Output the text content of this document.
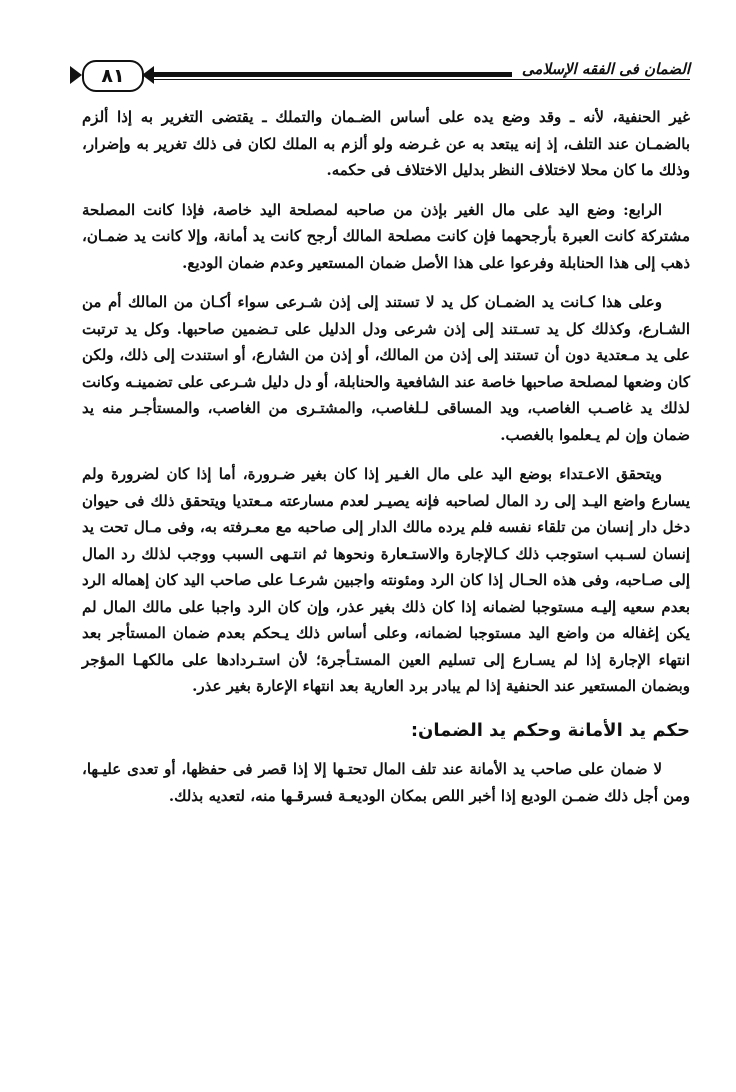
٨١	الضمان فى الفقه الإسلامى

غير الحنفية، لأنه ـ وقد وضع يده على أساس الضـمان والتملك ـ يقتضى التغرير به إذا ألزم بالضمـان عند التلف، إذ إنه يبتعد به عن غـرضه ولو ألزم به الملك لكان فى ذلك تغرير به وإضرار، وذلك ما كان محلا لاختلاف النظر بدليل الاختلاف فى حكمه.

الرابع: وضع اليد على مال الغير بإذن من صاحبه لمصلحة اليد خاصة، فإذا كانت المصلحة مشتركة كانت العبرة بأرجحهما فإن كانت مصلحة المالك أرجح كانت يد أمانة، وإلا كانت يد ضمـان، ذهب إلى هذا الحنابلة وفرعوا على هذا الأصل ضمان المستعير وعدم ضمان الوديع.

وعلى هذا كـانت يد الضمـان كل يد لا تستند إلى إذن شـرعى سواء أكـان من المالك أم من الشـارع، وكذلك كل يد تسـتند إلى إذن شرعى ودل الدليل على تـضمين صاحبها. وكل يد ترتبت على يد مـعتدية دون أن تستند إلى إذن من المالك، أو إذن من الشارع، أو استندت إلى ذلك، ولكن كان وضعها لمصلحة صاحبها خاصة عند الشافعية والحنابلة، أو دل دليل شـرعى على تضمينـه وكانت لذلك يد غاصـب الغاصب، ويد المساقى لـلغاصب، والمشتـرى من الغاصب، والمستأجـر منه يد ضمان وإن لم يـعلموا بالغصب.

ويتحقق الاعـتداء بوضع اليد على مال الغـير إذا كان بغير ضـرورة، أما إذا كان لضرورة ولم يسارع واضع اليـد إلى رد المال لصاحبه فإنه يصيـر لعدم مسارعته مـعتديا ويتحقق ذلك فى حيوان دخل دار إنسان من تلقاء نفسه فلم يرده مالك الدار إلى صاحبه مع معـرفته به، وفى مـال تحت يد إنسان لسـبب استوجب ذلك كـالإجارة والاستـعارة ونحوها ثم انتـهى السبب ووجب لذلك رد المال إلى صـاحبه، وفى هذه الحـال إذا كان الرد ومئونته واجبين شرعـا على صاحب اليد كان إهماله الرد بعدم سعيه إليـه مستوجبا لضمانه إذا كان ذلك بغير عذر، وإن كان الرد واجبا على مالك المال لم يكن إغفاله من واضع اليد مستوجبا لضمانه، وعلى أساس ذلك يـحكم بعدم ضمان المستأجر بعد انتهاء الإجارة إذا لم يسـارع إلى تسليم العين المستـأجرة؛ لأن استـردادها على مالكهـا المؤجر وبضمان المستعير عند الحنفية إذا لم يبادر برد العارية بعد انتهاء الإعارة بغير عذر.

حكم يد الأمانة وحكم يد الضمان:

لا ضمان على صاحب يد الأمانة عند تلف المال تحتـها إلا إذا قصر فى حفظها، أو تعدى عليـها، ومن أجل ذلك ضمـن الوديع إذا أخبر اللص بمكان الوديعـة فسرقـها منه، لتعديه بذلك.
